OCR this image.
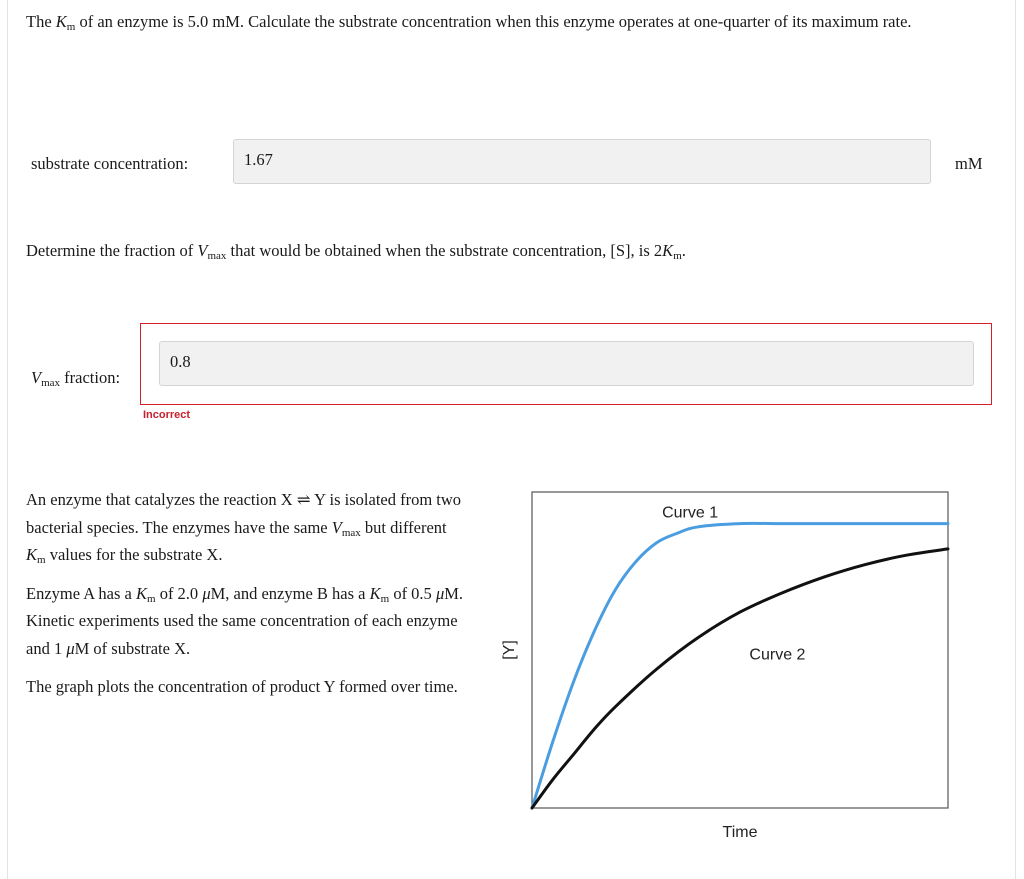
The $K_m$ of an enzyme is 5.0 mM. Calculate the substrate concentration when this enzyme operates at one-quarter of its maximum rate.
substrate concentration:	1.67	mM
Determine the fraction of $V_{max}$ that would be obtained when the substrate concentration, [S], is $2K_m$.
$V_{max}$ fraction:
0.8
Incorrect

An enzyme that catalyzes the reaction X ⇌ Y is isolated from two bacterial species. The enzymes have the same $V_{max}$ but different $K_m$ values for the substrate X.

Enzyme A has a $K_m$ of 2.0 μM, and enzyme B has a $K_m$ of 0.5 μM. Kinetic experiments used the same concentration of each enzyme and 1 μM of substrate X.

The graph plots the concentration of product Y formed over time.

[Y]
Time
Curve 1
Curve 2
